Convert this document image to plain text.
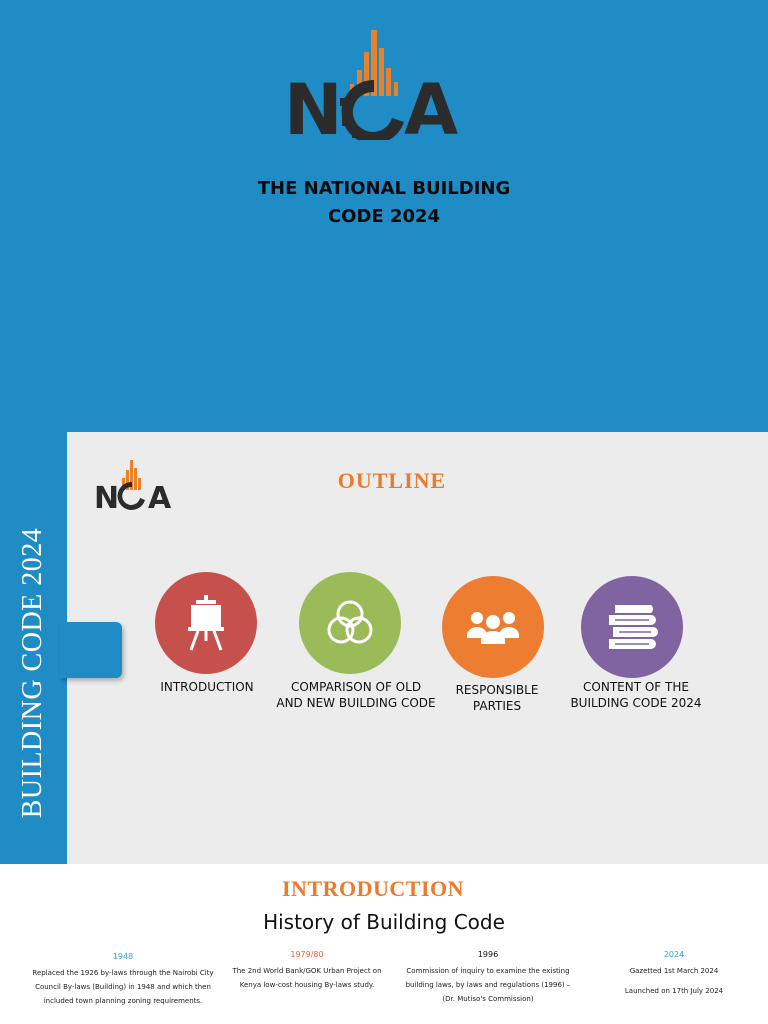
N A
THE NATIONAL BUILDING
CODE 2024
BUILDING CODE 2024
N A
OUTLINE
INTRODUCTION	COMPARISON OF OLD AND NEW BUILDING CODE
RESPONSIBLE PARTIES
CONTENT OF THE BUILDING CODE 2024
INTRODUCTION
History of Building Code
1948
Replaced the 1926 by-laws through the Nairobi City Council By-laws (Building) in 1948 and which then included town planning zoning requirements.
1979/80
The 2nd World Bank/GOK Urban Project on Kenya low-cost housing By-laws study.
1996
Commission of inquiry to examine the existing building laws, by laws and regulations (1996) – (Dr. Mutiso's Commission)
2024
Gazetted 1st March 2024
Launched on 17th July 2024
